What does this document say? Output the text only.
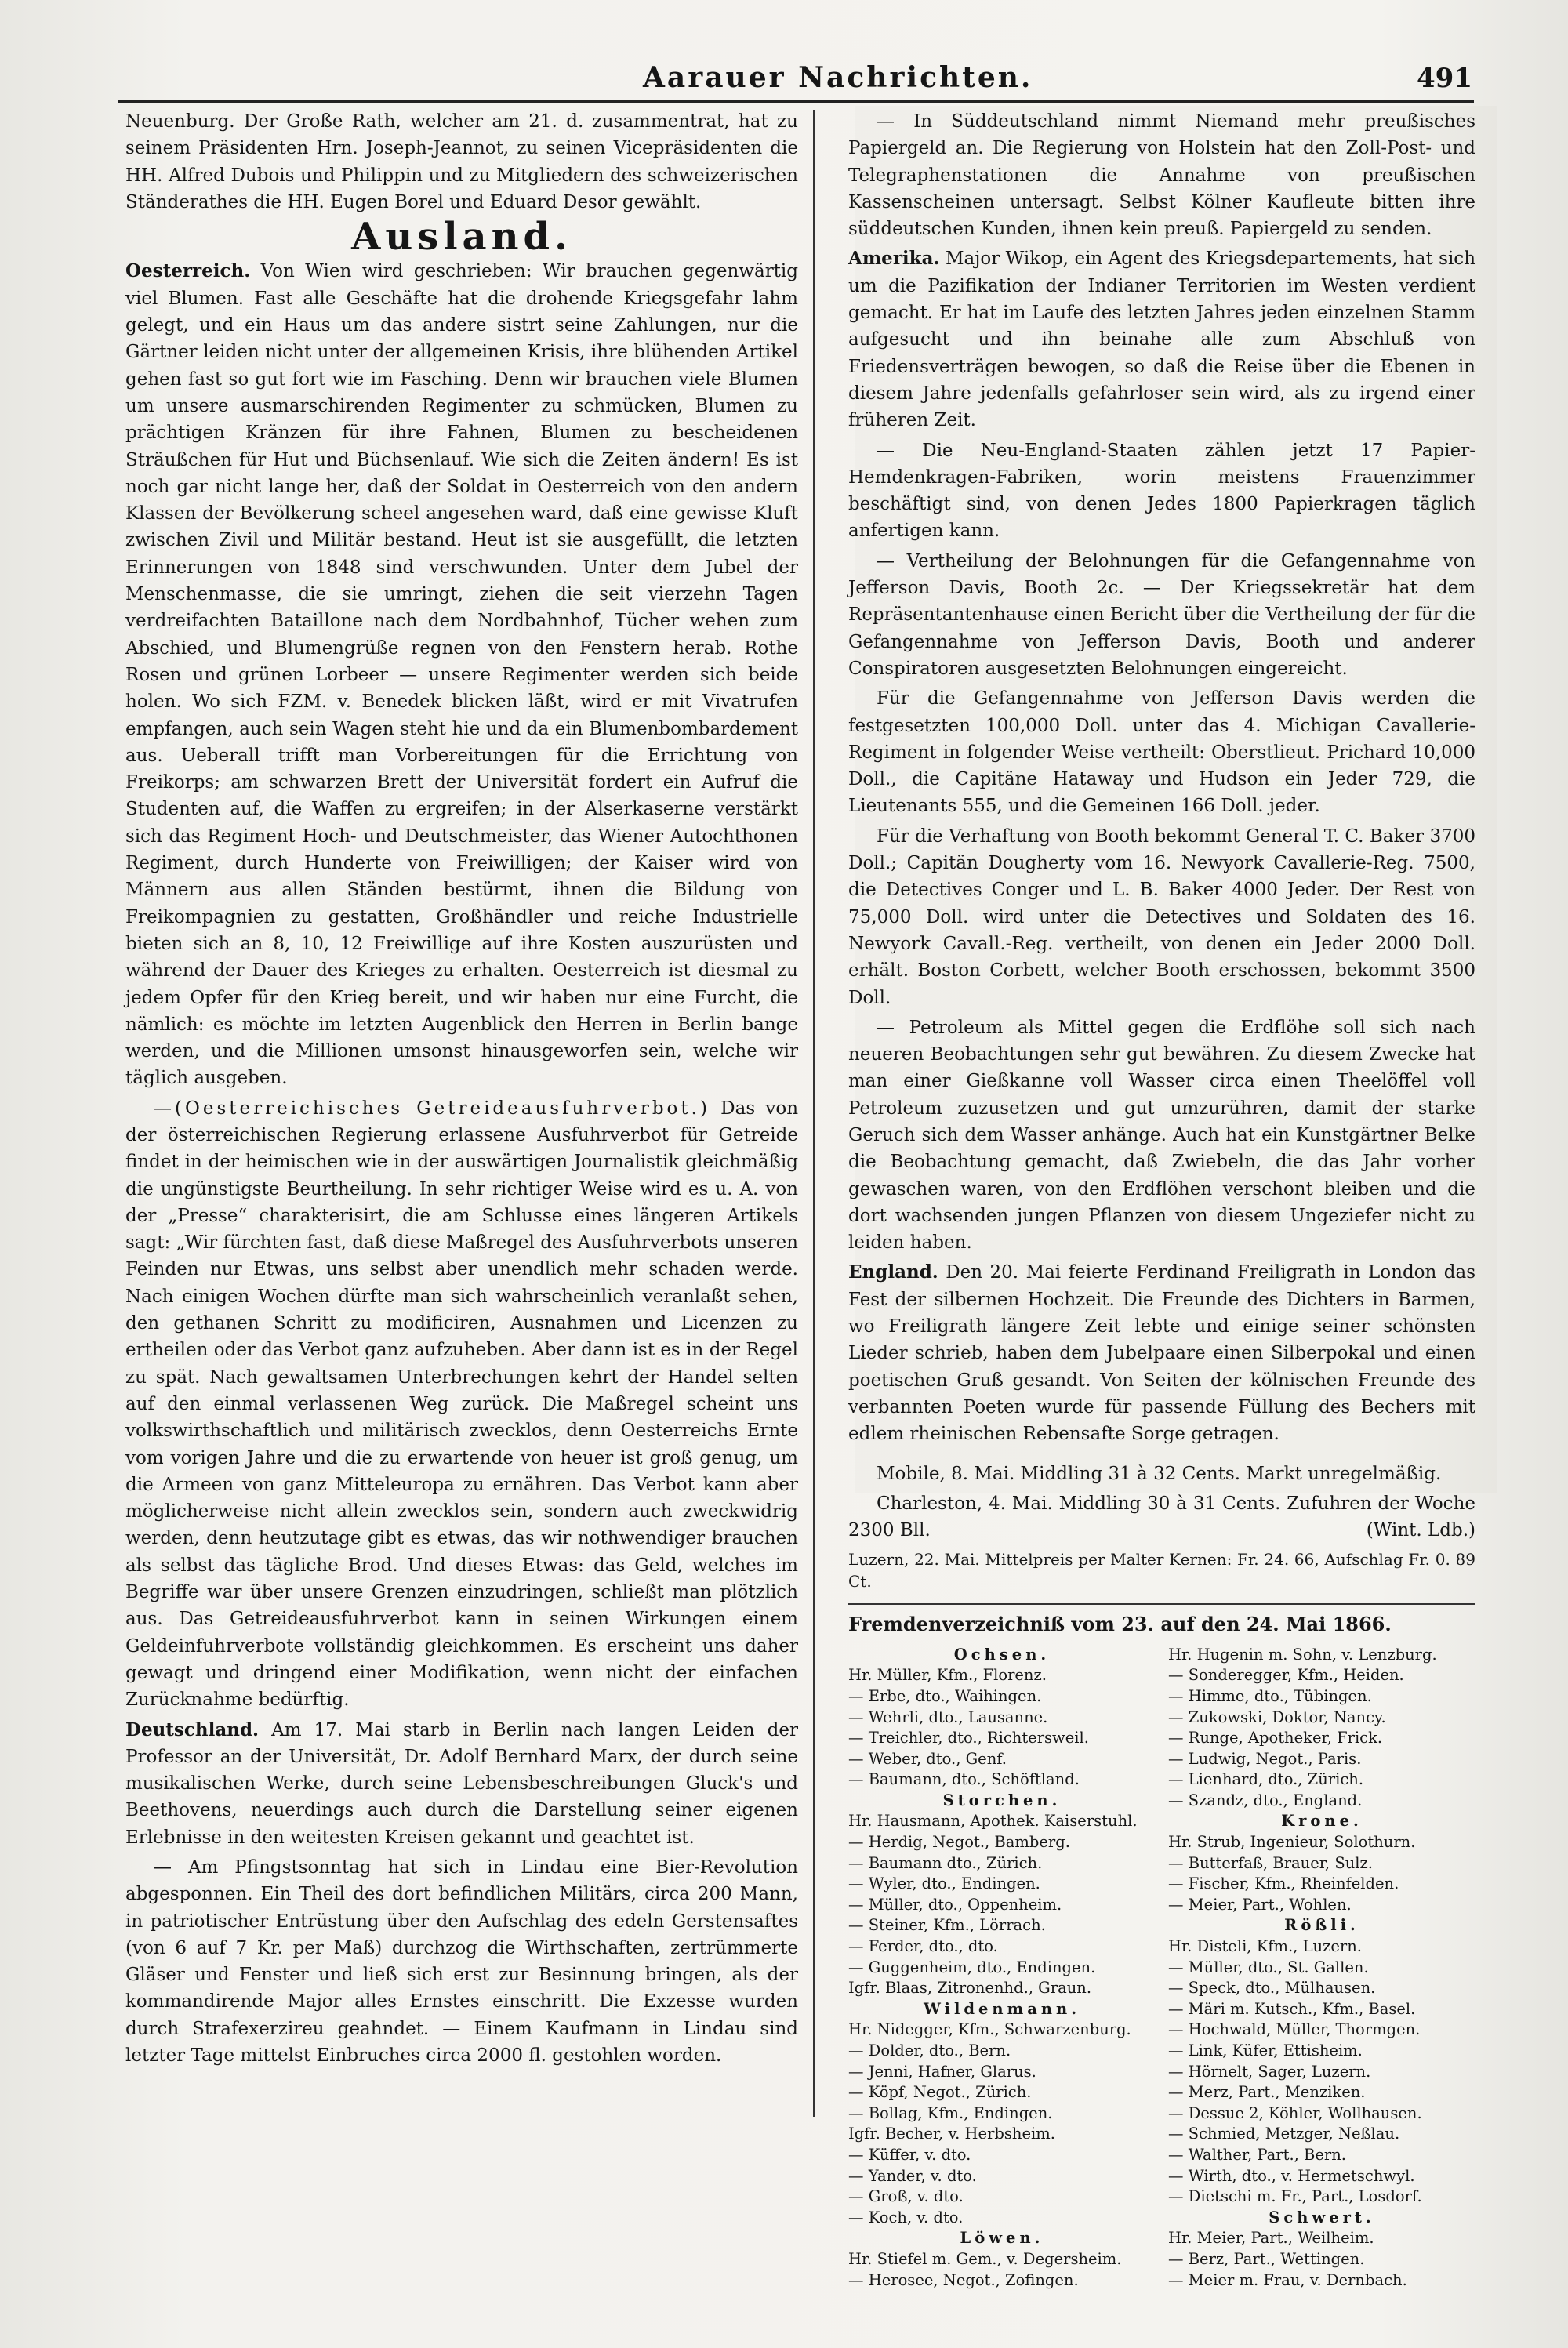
Aarauer Nachrichten.	491

Neuenburg. Der Große Rath, welcher am 21. d. zusammentrat, hat zu seinem Präsidenten Hrn. Joseph-Jeannot, zu seinen Vicepräsidenten die HH. Alfred Dubois und Philippin und zu Mitgliedern des schweizerischen Ständerathes die HH. Eugen Borel und Eduard Desor gewählt.

Ausland.

Oesterreich. Von Wien wird geschrieben: Wir brauchen gegenwärtig viel Blumen. Fast alle Geschäfte hat die drohende Kriegsgefahr lahm gelegt, und ein Haus um das andere sistrt seine Zahlungen, nur die Gärtner leiden nicht unter der allgemeinen Krisis, ihre blühenden Artikel gehen fast so gut fort wie im Fasching. Denn wir brauchen viele Blumen um unsere ausmarschirenden Regimenter zu schmücken, Blumen zu prächtigen Kränzen für ihre Fahnen, Blumen zu bescheidenen Sträußchen für Hut und Büchsenlauf. Wie sich die Zeiten ändern! Es ist noch gar nicht lange her, daß der Soldat in Oesterreich von den andern Klassen der Bevölkerung scheel angesehen ward, daß eine gewisse Kluft zwischen Zivil und Militär bestand. Heut ist sie ausgefüllt, die letzten Erinnerungen von 1848 sind verschwunden. Unter dem Jubel der Menschenmasse, die sie umringt, ziehen die seit vierzehn Tagen verdreifachten Bataillone nach dem Nordbahnhof, Tücher wehen zum Abschied, und Blumengrüße regnen von den Fenstern herab. Rothe Rosen und grünen Lorbeer — unsere Regimenter werden sich beide holen. Wo sich FZM. v. Benedek blicken läßt, wird er mit Vivatrufen empfangen, auch sein Wagen steht hie und da ein Blumenbombardement aus. Ueberall trifft man Vorbereitungen für die Errichtung von Freikorps; am schwarzen Brett der Universität fordert ein Aufruf die Studenten auf, die Waffen zu ergreifen; in der Alserkaserne verstärkt sich das Regiment Hoch- und Deutschmeister, das Wiener Autochthonen Regiment, durch Hunderte von Freiwilligen; der Kaiser wird von Männern aus allen Ständen bestürmt, ihnen die Bildung von Freikompagnien zu gestatten, Großhändler und reiche Industrielle bieten sich an 8, 10, 12 Freiwillige auf ihre Kosten auszurüsten und während der Dauer des Krieges zu erhalten. Oesterreich ist diesmal zu jedem Opfer für den Krieg bereit, und wir haben nur eine Furcht, die nämlich: es möchte im letzten Augenblick den Herren in Berlin bange werden, und die Millionen umsonst hinausgeworfen sein, welche wir täglich ausgeben.

—(Oesterreichisches Getreideausfuhrverbot.) Das von der österreichischen Regierung erlassene Ausfuhrverbot für Getreide findet in der heimischen wie in der auswärtigen Journalistik gleichmäßig die ungünstigste Beurtheilung. In sehr richtiger Weise wird es u. A. von der „Presse“ charakterisirt, die am Schlusse eines längeren Artikels sagt: „Wir fürchten fast, daß diese Maßregel des Ausfuhrverbots unseren Feinden nur Etwas, uns selbst aber unendlich mehr schaden werde. Nach einigen Wochen dürfte man sich wahrscheinlich veranlaßt sehen, den gethanen Schritt zu modificiren, Ausnahmen und Licenzen zu ertheilen oder das Verbot ganz aufzuheben. Aber dann ist es in der Regel zu spät. Nach gewaltsamen Unterbrechungen kehrt der Handel selten auf den einmal verlassenen Weg zurück. Die Maßregel scheint uns volkswirthschaftlich und militärisch zwecklos, denn Oesterreichs Ernte vom vorigen Jahre und die zu erwartende von heuer ist groß genug, um die Armeen von ganz Mitteleuropa zu ernähren. Das Verbot kann aber möglicherweise nicht allein zwecklos sein, sondern auch zweckwidrig werden, denn heutzutage gibt es etwas, das wir nothwendiger brauchen als selbst das tägliche Brod. Und dieses Etwas: das Geld, welches im Begriffe war über unsere Grenzen einzudringen, schließt man plötzlich aus. Das Getreideausfuhrverbot kann in seinen Wirkungen einem Geldeinfuhrverbote vollständig gleichkommen. Es erscheint uns daher gewagt und dringend einer Modifikation, wenn nicht der einfachen Zurücknahme bedürftig.

Deutschland. Am 17. Mai starb in Berlin nach langen Leiden der Professor an der Universität, Dr. Adolf Bernhard Marx, der durch seine musikalischen Werke, durch seine Lebensbeschreibungen Gluck's und Beethovens, neuerdings auch durch die Darstellung seiner eigenen Erlebnisse in den weitesten Kreisen gekannt und geachtet ist.

— Am Pfingstsonntag hat sich in Lindau eine Bier-Revolution abgesponnen. Ein Theil des dort befindlichen Militärs, circa 200 Mann, in patriotischer Entrüstung über den Aufschlag des edeln Gerstensaftes (von 6 auf 7 Kr. per Maß) durchzog die Wirthschaften, zertrümmerte Gläser und Fenster und ließ sich erst zur Besinnung bringen, als der kommandirende Major alles Ernstes einschritt. Die Exzesse wurden durch Strafexerzireu geahndet. — Einem Kaufmann in Lindau sind letzter Tage mittelst Einbruches circa 2000 fl. gestohlen worden.

— In Süddeutschland nimmt Niemand mehr preußisches Papiergeld an. Die Regierung von Holstein hat den Zoll-Post- und Telegraphenstationen die Annahme von preußischen Kassenscheinen untersagt. Selbst Kölner Kaufleute bitten ihre süddeutschen Kunden, ihnen kein preuß. Papiergeld zu senden.

Amerika. Major Wikop, ein Agent des Kriegsdepartements, hat sich um die Pazifikation der Indianer Territorien im Westen verdient gemacht. Er hat im Laufe des letzten Jahres jeden einzelnen Stamm aufgesucht und ihn beinahe alle zum Abschluß von Friedensverträgen bewogen, so daß die Reise über die Ebenen in diesem Jahre jedenfalls gefahrloser sein wird, als zu irgend einer früheren Zeit.

— Die Neu-England-Staaten zählen jetzt 17 Papier-Hemdenkragen-Fabriken, worin meistens Frauenzimmer beschäftigt sind, von denen Jedes 1800 Papierkragen täglich anfertigen kann.

— Vertheilung der Belohnungen für die Gefangennahme von Jefferson Davis, Booth 2c. — Der Kriegssekretär hat dem Repräsentantenhause einen Bericht über die Vertheilung der für die Gefangennahme von Jefferson Davis, Booth und anderer Conspiratoren ausgesetzten Belohnungen eingereicht.

Für die Gefangennahme von Jefferson Davis werden die festgesetzten 100,000 Doll. unter das 4. Michigan Cavallerie-Regiment in folgender Weise vertheilt: Oberstlieut. Prichard 10,000 Doll., die Capitäne Hataway und Hudson ein Jeder 729, die Lieutenants 555, und die Gemeinen 166 Doll. jeder.

Für die Verhaftung von Booth bekommt General T. C. Baker 3700 Doll.; Capitän Dougherty vom 16. Newyork Cavallerie-Reg. 7500, die Detectives Conger und L. B. Baker 4000 Jeder. Der Rest von 75,000 Doll. wird unter die Detectives und Soldaten des 16. Newyork Cavall.-Reg. vertheilt, von denen ein Jeder 2000 Doll. erhält. Boston Corbett, welcher Booth erschossen, bekommt 3500 Doll.

— Petroleum als Mittel gegen die Erdflöhe soll sich nach neueren Beobachtungen sehr gut bewähren. Zu diesem Zwecke hat man einer Gießkanne voll Wasser circa einen Theelöffel voll Petroleum zuzusetzen und gut umzurühren, damit der starke Geruch sich dem Wasser anhänge. Auch hat ein Kunstgärtner Belke die Beobachtung gemacht, daß Zwiebeln, die das Jahr vorher gewaschen waren, von den Erdflöhen verschont bleiben und die dort wachsenden jungen Pflanzen von diesem Ungeziefer nicht zu leiden haben.

England. Den 20. Mai feierte Ferdinand Freiligrath in London das Fest der silbernen Hochzeit. Die Freunde des Dichters in Barmen, wo Freiligrath längere Zeit lebte und einige seiner schönsten Lieder schrieb, haben dem Jubelpaare einen Silberpokal und einen poetischen Gruß gesandt. Von Seiten der kölnischen Freunde des verbannten Poeten wurde für passende Füllung des Bechers mit edlem rheinischen Rebensafte Sorge getragen.

Mobile, 8. Mai. Middling 31 à 32 Cents. Markt unregelmäßig.

Charleston, 4. Mai. Middling 30 à 31 Cents. Zufuhren der Woche 2300 Bll.	(Wint. Ldb.)

Luzern, 22. Mai. Mittelpreis per Malter Kernen: Fr. 24. 66, Aufschlag Fr. 0. 89 Ct.
Fremdenverzeichniß vom 23. auf den 24. Mai 1866.
Ochsen.
Hr. Müller, Kfm., Florenz.
— Erbe, dto., Waihingen.
— Wehrli, dto., Lausanne.
— Treichler, dto., Richtersweil.
— Weber, dto., Genf.
— Baumann, dto., Schöftland.
Storchen.
Hr. Hausmann, Apothek. Kaiserstuhl.
— Herdig, Negot., Bamberg.
— Baumann dto., Zürich.
— Wyler, dto., Endingen.
— Müller, dto., Oppenheim.
— Steiner, Kfm., Lörrach.
— Ferder, dto., dto.
— Guggenheim, dto., Endingen.
Igfr. Blaas, Zitronenhd., Graun.
Wildenmann.
Hr. Nidegger, Kfm., Schwarzenburg.
— Dolder, dto., Bern.
— Jenni, Hafner, Glarus.
— Köpf, Negot., Zürich.
— Bollag, Kfm., Endingen.
Igfr. Becher, v. Herbsheim.
— Küffer, v. dto.
— Yander, v. dto.
— Groß, v. dto.
— Koch, v. dto.
Löwen.
Hr. Stiefel m. Gem., v. Degersheim.
— Herosee, Negot., Zofingen.
Hr. Hugenin m. Sohn, v. Lenzburg.
— Sonderegger, Kfm., Heiden.
— Himme, dto., Tübingen.
— Zukowski, Doktor, Nancy.
— Runge, Apotheker, Frick.
— Ludwig, Negot., Paris.
— Lienhard, dto., Zürich.
— Szandz, dto., England.
Krone.
Hr. Strub, Ingenieur, Solothurn.
— Butterfaß, Brauer, Sulz.
— Fischer, Kfm., Rheinfelden.
— Meier, Part., Wohlen.
Rößli.
Hr. Disteli, Kfm., Luzern.
— Müller, dto., St. Gallen.
— Speck, dto., Mülhausen.
— Märi m. Kutsch., Kfm., Basel.
— Hochwald, Müller, Thormgen.
— Link, Küfer, Ettisheim.
— Hörnelt, Sager, Luzern.
— Merz, Part., Menziken.
— Dessue 2, Köhler, Wollhausen.
— Schmied, Metzger, Neßlau.
— Walther, Part., Bern.
— Wirth, dto., v. Hermetschwyl.
— Dietschi m. Fr., Part., Losdorf.
Schwert.
Hr. Meier, Part., Weilheim.
— Berz, Part., Wettingen.
— Meier m. Frau, v. Dernbach.
